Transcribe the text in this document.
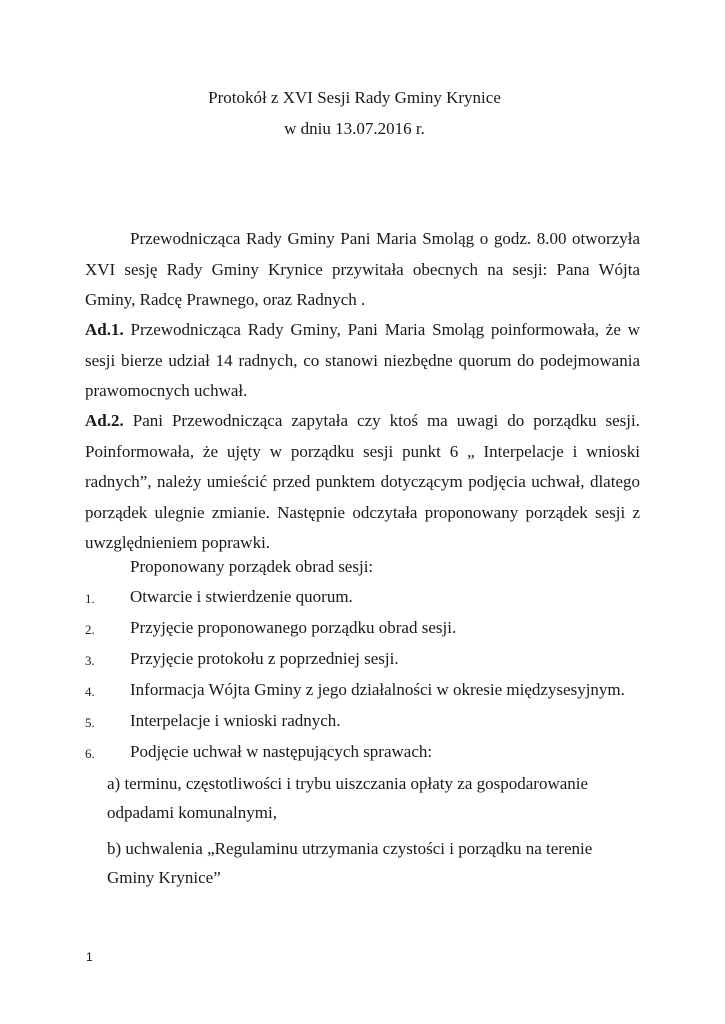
Protokół z XVI Sesji Rady Gminy Krynice
w dniu 13.07.2016 r.
Przewodnicząca Rady Gminy Pani Maria Smoląg o godz. 8.00 otworzyła XVI sesję Rady Gminy Krynice przywitała obecnych na sesji: Pana Wójta Gminy, Radcę Prawnego, oraz Radnych .
Ad.1. Przewodnicząca Rady Gminy, Pani Maria Smoląg poinformowała, że w sesji bierze udział 14 radnych, co stanowi niezbędne quorum do podejmowania prawomocnych uchwał.
Ad.2. Pani Przewodnicząca zapytała czy ktoś ma uwagi do porządku sesji. Poinformowała, że ujęty w porządku sesji punkt 6 „ Interpelacje i wnioski radnych”, należy umieścić przed punktem dotyczącym podjęcia uchwał, dlatego porządek ulegnie zmianie. Następnie odczytała proponowany porządek sesji z uwzględnieniem poprawki.
Proponowany porządek obrad sesji:
1. Otwarcie i stwierdzenie quorum.
2. Przyjęcie proponowanego porządku obrad sesji.
3. Przyjęcie protokołu z poprzedniej sesji.
4. Informacja Wójta Gminy z jego działalności w okresie międzysesyjnym.
5. Interpelacje i wnioski radnych.
6. Podjęcie uchwał w następujących sprawach:
a) terminu, częstotliwości i trybu uiszczania opłaty za gospodarowanie odpadami komunalnymi,
b) uchwalenia „Regulaminu utrzymania czystości i porządku na terenie Gminy Krynice”
1
